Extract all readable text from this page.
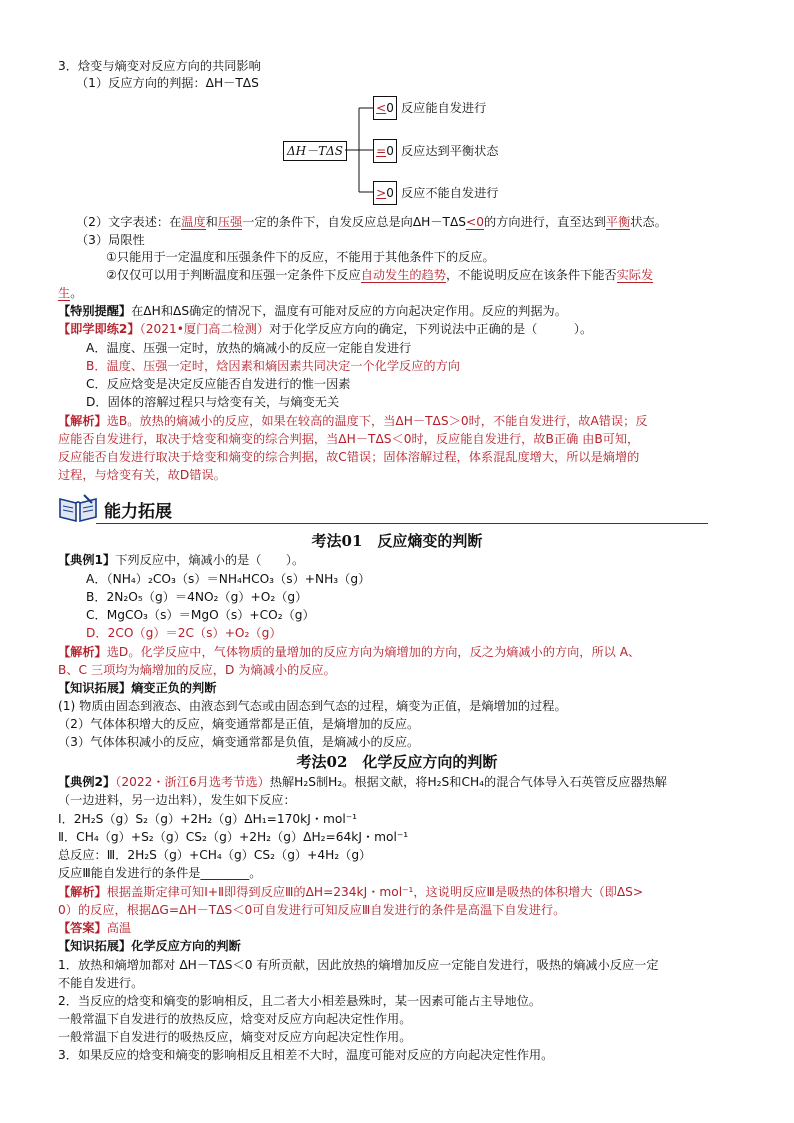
3．焓变与熵变对反应方向的共同影响
（1）反应方向的判据：ΔH－TΔS
ΔH－TΔS
<0 反应能自发进行
=0 反应达到平衡状态
>0 反应不能自发进行
（2）文字表述：在温度和压强一定的条件下，自发反应总是向ΔH－TΔS<0的方向进行，直至达到平衡状态。
（3）局限性
①只能用于一定温度和压强条件下的反应，不能用于其他条件下的反应。
②仅仅可以用于判断温度和压强一定条件下反应自动发生的趋势，不能说明反应在该条件下能否实际发
生。
【特别提醒】在ΔH和ΔS确定的情况下，温度有可能对反应的方向起决定作用。反应的判据为。
【即学即练2】（2021•厦门高二检测）对于化学反应方向的确定，下列说法中正确的是（　　　）。
A．温度、压强一定时，放热的熵减小的反应一定能自发进行
B．温度、压强一定时，焓因素和熵因素共同决定一个化学反应的方向
C．反应焓变是决定反应能否自发进行的惟一因素
D．固体的溶解过程只与焓变有关，与熵变无关
【解析】选B。放热的熵减小的反应，如果在较高的温度下，当ΔH－TΔS＞0时，不能自发进行，故A错误；反
应能否自发进行，取决于焓变和熵变的综合判据，当ΔH－TΔS＜0时，反应能自发进行，故B正确 由B可知，
反应能否自发进行取决于焓变和熵变的综合判据，故C错误；固体溶解过程，体系混乱度增大，所以是熵增的
过程，与焓变有关，故D错误。
能力拓展
考法01　反应熵变的判断
【典例1】下列反应中，熵减小的是（　　）。
A．（NH₄）₂CO₃（s）＝NH₄HCO₃（s）+NH₃（g）
B．2N₂O₅（g）＝4NO₂（g）+O₂（g）
C．MgCO₃（s）＝MgO（s）+CO₂（g）
D．2CO（g）＝2C（s）+O₂（g）
【解析】选D。化学反应中，气体物质的量增加的反应方向为熵增加的方向，反之为熵减小的方向，所以 A、
B、C 三项均为熵增加的反应，D 为熵减小的反应。
【知识拓展】熵变正负的判断
(1) 物质由固态到液态、由液态到气态或由固态到气态的过程，熵变为正值，是熵增加的过程。
（2）气体体积增大的反应，熵变通常都是正值，是熵增加的反应。
（3）气体体积减小的反应，熵变通常都是负值，是熵减小的反应。
考法02　化学反应方向的判断
【典例2】（2022・浙江6月选考节选）热解H₂S制H₂。根据文献，将H₂S和CH₄的混合气体导入石英管反应器热解
（一边进料，另一边出料），发生如下反应：
Ⅰ．2H₂S（g）S₂（g）+2H₂（g）ΔH₁=170kJ・mol⁻¹
Ⅱ．CH₄（g）+S₂（g）CS₂（g）+2H₂（g）ΔH₂=64kJ・mol⁻¹
总反应：Ⅲ．2H₂S（g）+CH₄（g）CS₂（g）+4H₂（g）
反应Ⅲ能自发进行的条件是________。
【解析】根据盖斯定律可知Ⅰ+Ⅱ即得到反应Ⅲ的ΔH=234kJ・mol⁻¹，这说明反应Ⅲ是吸热的体积增大（即ΔS>
0）的反应，根据ΔG=ΔH－TΔS＜0可自发进行可知反应Ⅲ自发进行的条件是高温下自发进行。
【答案】高温
【知识拓展】化学反应方向的判断
1．放热和熵增加都对 ΔH－TΔS＜0 有所贡献，因此放热的熵增加反应一定能自发进行，吸热的熵减小反应一定
不能自发进行。
2．当反应的焓变和熵变的影响相反，且二者大小相差悬殊时，某一因素可能占主导地位。
一般常温下自发进行的放热反应，焓变对反应方向起决定性作用。
一般常温下自发进行的吸热反应，熵变对反应方向起决定性作用。
3．如果反应的焓变和熵变的影响相反且相差不大时，温度可能对反应的方向起决定性作用。
